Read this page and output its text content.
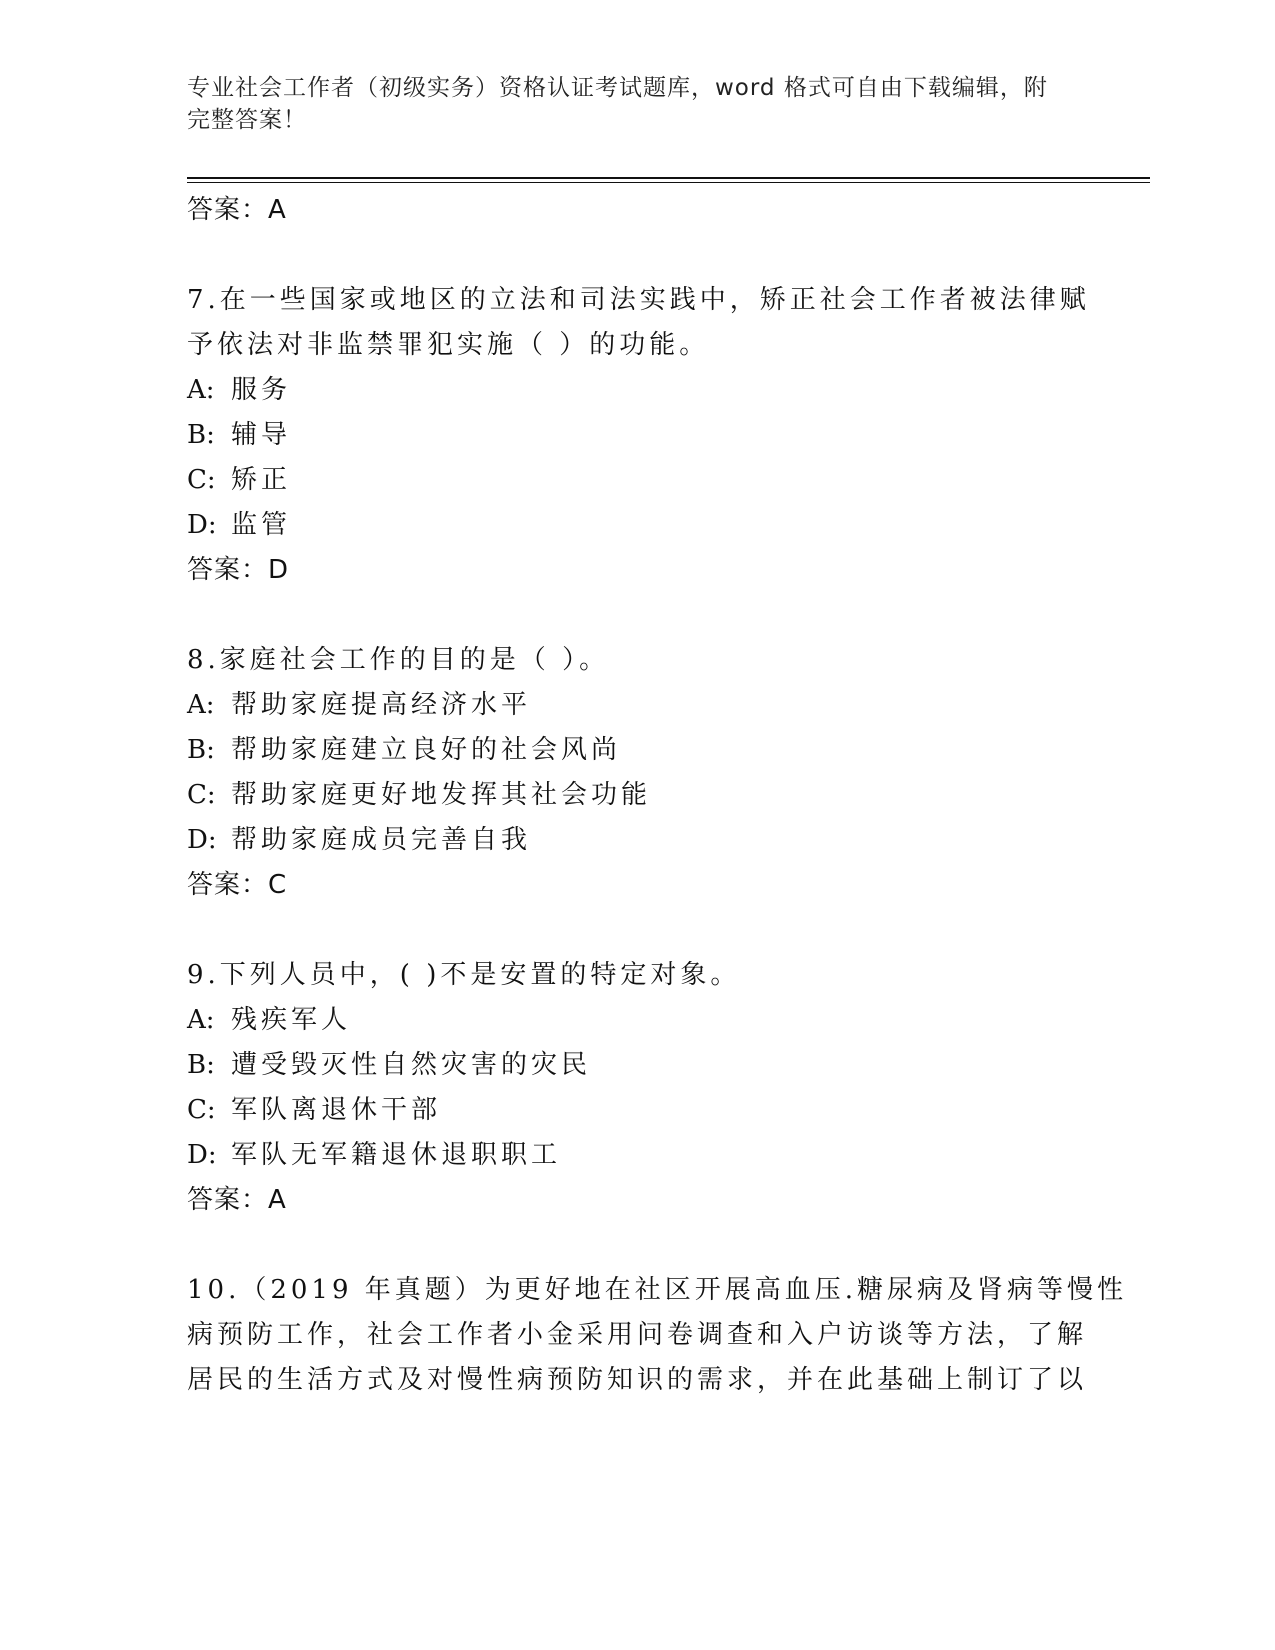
专业社会工作者（初级实务）资格认证考试题库，word 格式可自由下载编辑，附
完整答案！
答案：A
7.在一些国家或地区的立法和司法实践中，矫正社会工作者被法律赋
予依法对非监禁罪犯实施（ ）的功能。
A: 服务
B: 辅导
C: 矫正
D: 监管
答案：D
8.家庭社会工作的目的是（ ）。
A: 帮助家庭提高经济水平
B: 帮助家庭建立良好的社会风尚
C: 帮助家庭更好地发挥其社会功能
D: 帮助家庭成员完善自我
答案：C
9.下列人员中，( )不是安置的特定对象。
A: 残疾军人
B: 遭受毁灭性自然灾害的灾民
C: 军队离退休干部
D: 军队无军籍退休退职职工
答案：A
10.（2019 年真题）为更好地在社区开展高血压.糖尿病及肾病等慢性
病预防工作，社会工作者小金采用问卷调查和入户访谈等方法，了解
居民的生活方式及对慢性病预防知识的需求，并在此基础上制订了以
